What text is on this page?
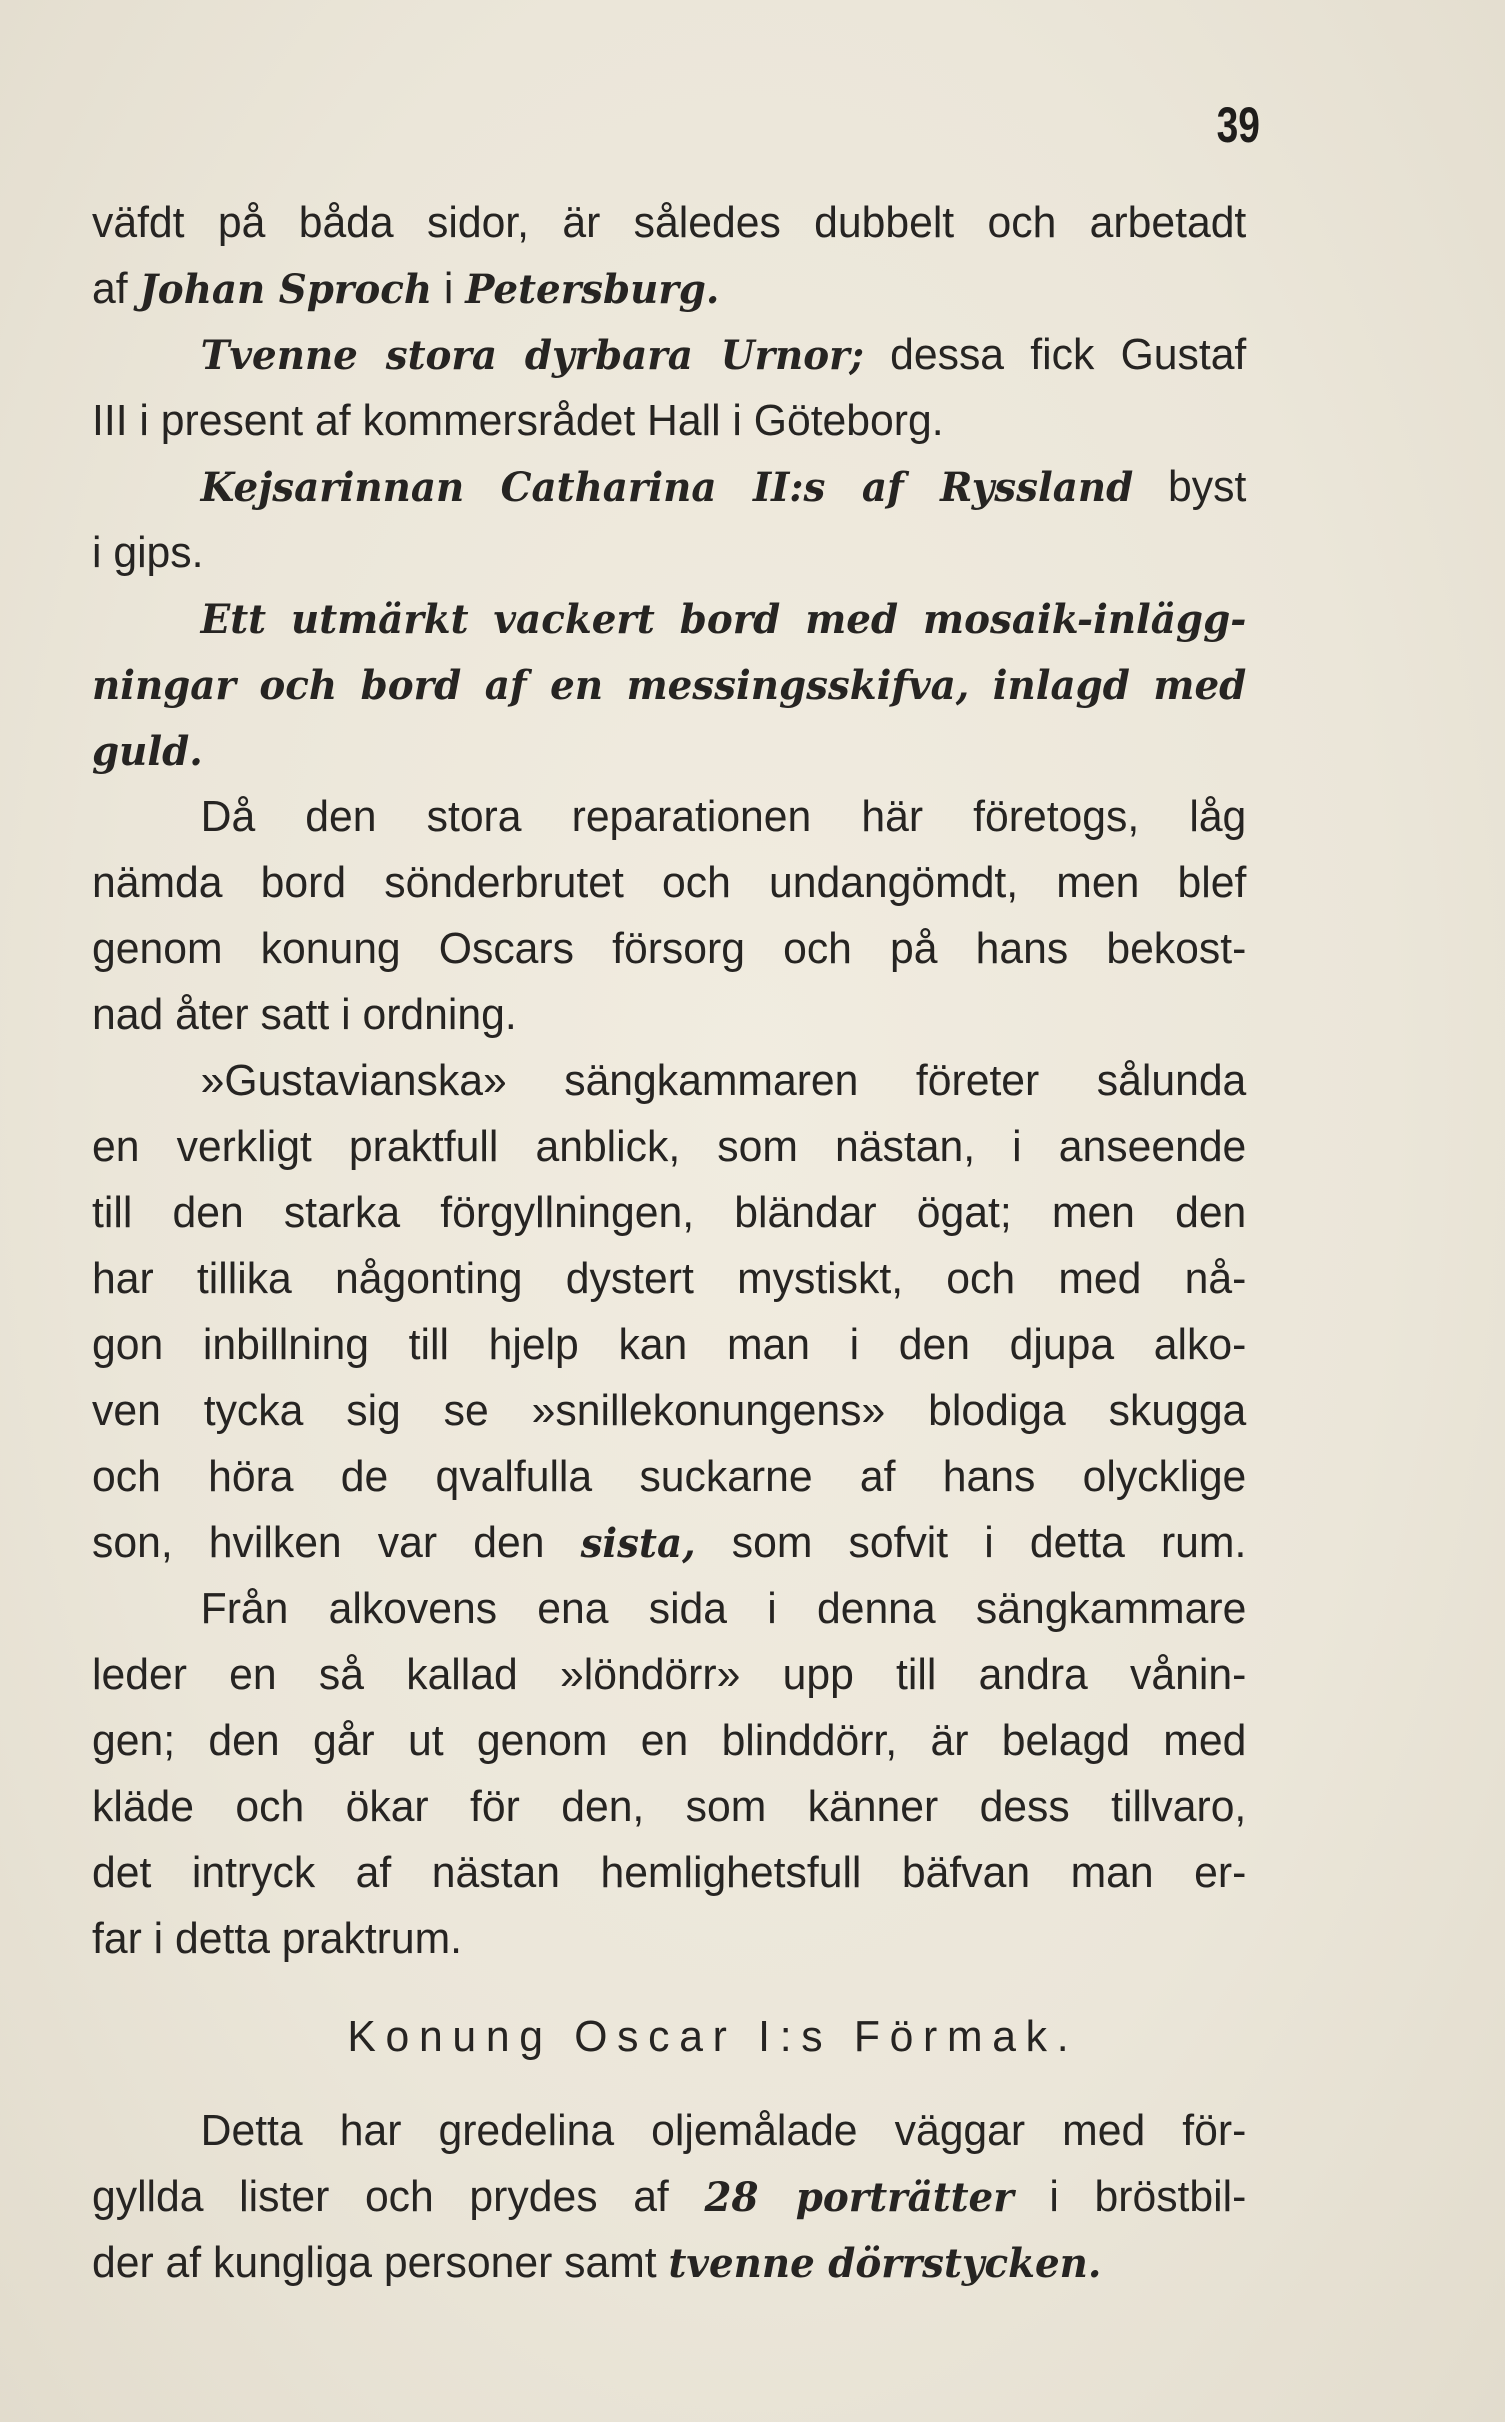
39
väfdt på båda sidor, är således dubbelt och arbetadt
af Johan Sproch i Petersburg.
Tvenne stora dyrbara Urnor; dessa fick Gustaf
III i present af kommersrådet Hall i Göteborg.
Kejsarinnan Catharina II:s af Ryssland byst
i gips.
Ett utmärkt vackert bord med mosaik-inlägg-
ningar och bord af en messingsskifva, inlagd med
guld.
Då den stora reparationen här företogs, låg
nämda bord sönderbrutet och undangömdt, men blef
genom konung Oscars försorg och på hans bekost-
nad åter satt i ordning.
»Gustavianska» sängkammaren företer sålunda
en verkligt praktfull anblick, som nästan, i anseende
till den starka förgyllningen, bländar ögat; men den
har tillika någonting dystert mystiskt, och med nå-
gon inbillning till hjelp kan man i den djupa alko-
ven tycka sig se »snillekonungens» blodiga skugga
och höra de qvalfulla suckarne af hans olycklige
son, hvilken var den sista, som sofvit i detta rum.
Från alkovens ena sida i denna sängkammare
leder en så kallad »löndörr» upp till andra vånin-
gen; den går ut genom en blinddörr, är belagd med
kläde och ökar för den, som känner dess tillvaro,
det intryck af nästan hemlighetsfull bäfvan man er-
far i detta praktrum.
Konung Oscar I:s Förmak.
Detta har gredelina oljemålade väggar med för-
gyllda lister och prydes af 28 porträtter i bröstbil-
der af kungliga personer samt tvenne dörrstycken.
